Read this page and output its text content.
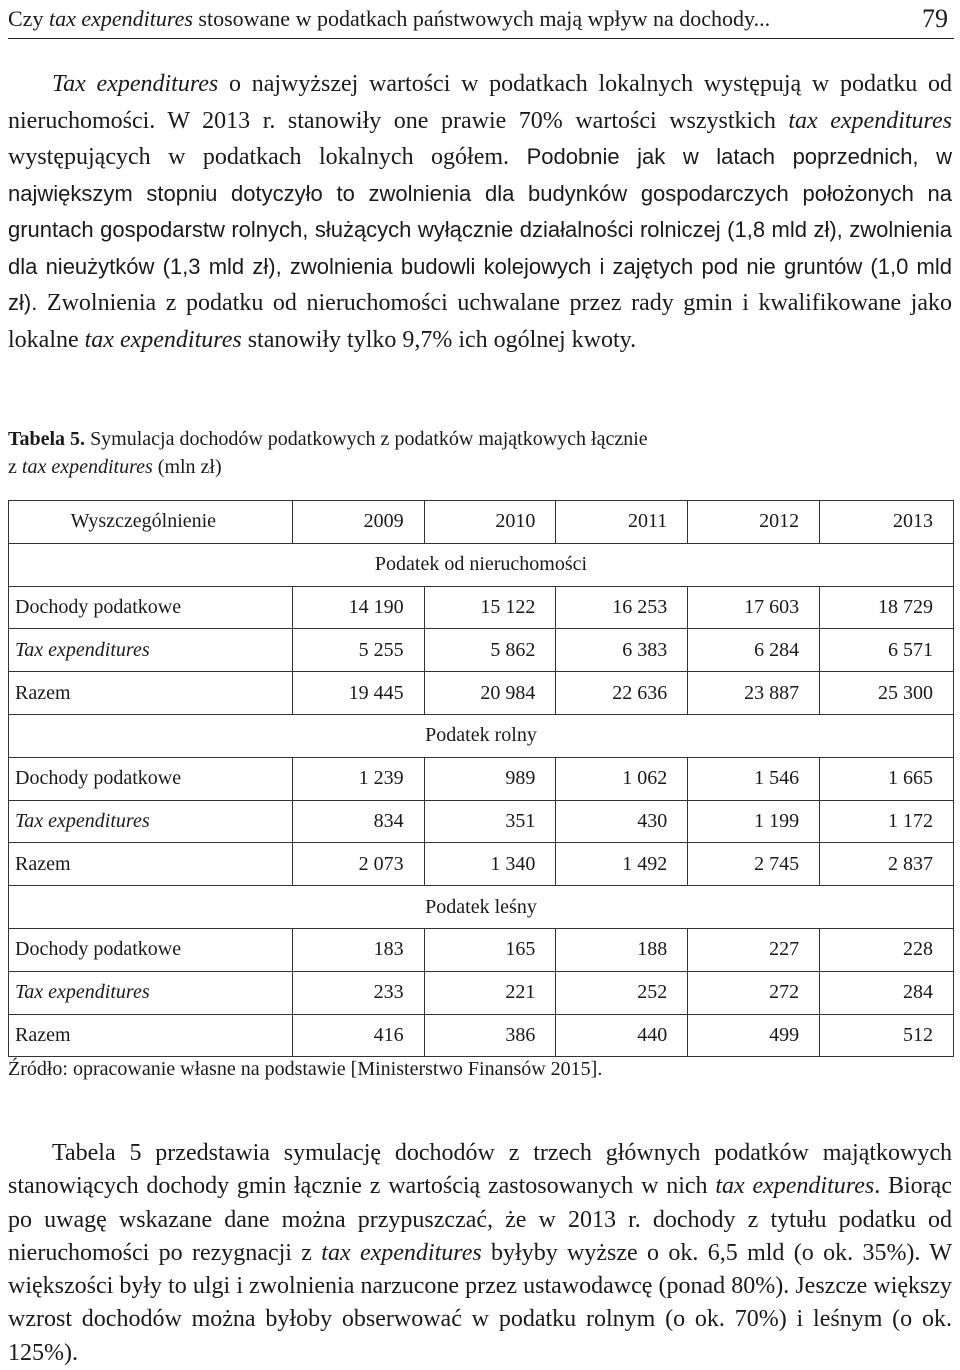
Czy tax expenditures stosowane w podatkach państwowych mają wpływ na dochody...	79

Tax expenditures o najwyższej wartości w podatkach lokalnych występują w podatku od nieruchomości. W 2013 r. stanowiły one prawie 70% wartości wszystkich tax expenditures występujących w podatkach lokalnych ogółem. Podobnie jak w latach poprzednich, w największym stopniu dotyczyło to zwolnienia dla budynków gospodarczych położonych na gruntach gospodarstw rolnych, służących wyłącznie działalności rolniczej (1,8 mld zł), zwolnienia dla nieużytków (1,3 mld zł), zwolnienia budowli kolejowych i zajętych pod nie gruntów (1,0 mld zł). Zwolnienia z podatku od nieruchomości uchwalane przez rady gmin i kwalifikowane jako lokalne tax expenditures stanowiły tylko 9,7% ich ogólnej kwoty.

Tabela 5. Symulacja dochodów podatkowych z podatków majątkowych łącznie
z tax expenditures (mln zł)
Wyszczególnienie	2009	2010	2011	2012	2013
Podatek od nieruchomości					
Dochody podatkowe	14 190	15 122	16 253	17 603	18 729
Tax expenditures	5 255	5 862	6 383	6 284	6 571
Razem	19 445	20 984	22 636	23 887	25 300
Podatek rolny					
Dochody podatkowe	1 239	989	1 062	1 546	1 665
Tax expenditures	834	351	430	1 199	1 172
Razem	2 073	1 340	1 492	2 745	2 837
Podatek leśny					
Dochody podatkowe	183	165	188	227	228
Tax expenditures	233	221	252	272	284
Razem	416	386	440	499	512
Źródło: opracowanie własne na podstawie [Ministerstwo Finansów 2015].

Tabela 5 przedstawia symulację dochodów z trzech głównych podatków majątkowych stanowiących dochody gmin łącznie z wartością zastosowanych w nich tax expenditures. Biorąc po uwagę wskazane dane można przypuszczać, że w 2013 r. dochody z tytułu podatku od nieruchomości po rezygnacji z tax expenditures byłyby wyższe o ok. 6,5 mld (o ok. 35%). W większości były to ulgi i zwolnienia narzucone przez ustawodawcę (ponad 80%). Jeszcze większy wzrost dochodów można byłoby obserwować w podatku rolnym (o ok. 70%) i leśnym (o ok. 125%).
